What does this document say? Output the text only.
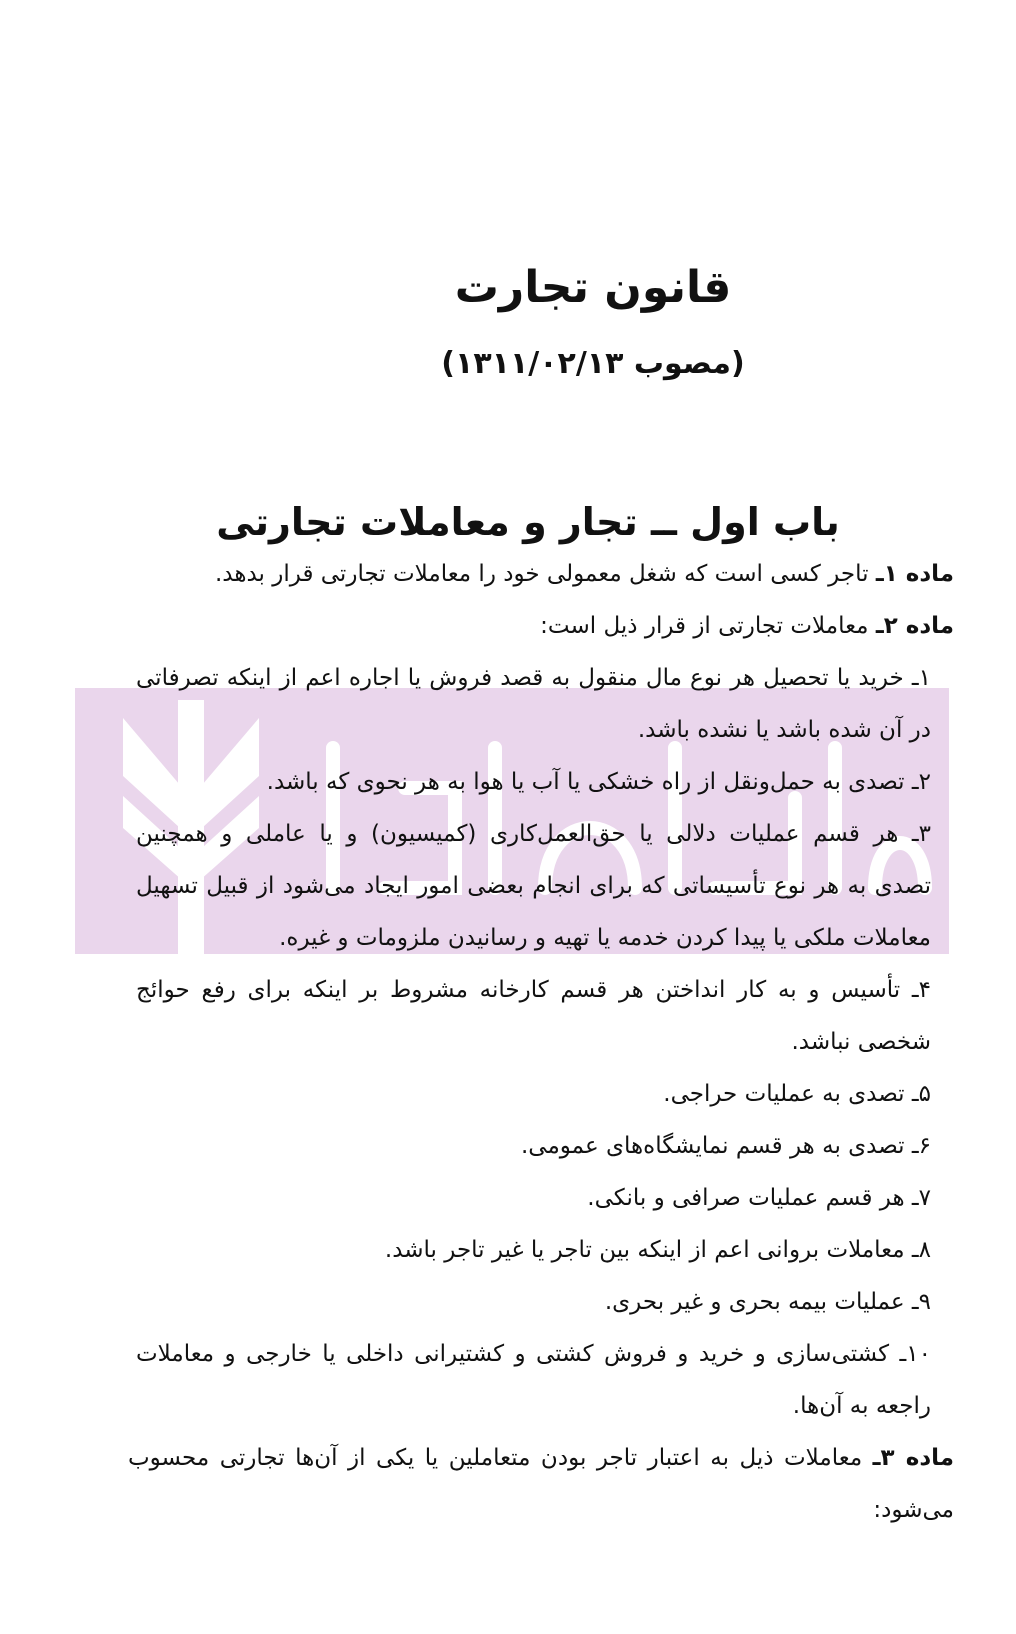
قانون تجارت
(مصوب ۱۳۱۱/۰۲/۱۳)
باب اول ــ تجار و معاملات تجارتی
ماده ۱ـ تاجر کسی است که شغل معمولی خود را معاملات تجارتی قرار بدهد.
ماده ۲ـ معاملات تجارتی از قرار ذیل است:
۱ـ خرید یا تحصیل هر نوع مال منقول به قصد فروش یا اجاره اعم از اینکه تصرفاتی
در آن شده باشد یا نشده باشد.
۲ـ تصدی به حمل‌ونقل از راه خشکی یا آب یا هوا به هر نحوی که باشد.
۳ـ هر قسم عملیات دلالی یا حق‌العمل‌کاری (کمیسیون) و یا عاملی و همچنین
تصدی به هر نوع تأسیساتی که برای انجام بعضی امور ایجاد می‌شود از قبیل تسهیل
معاملات ملکی یا پیدا کردن خدمه یا تهیه و رسانیدن ملزومات و غیره.
۴ـ تأسیس و به کار انداختن هر قسم کارخانه مشروط بر اینکه برای رفع حوائج
شخصی نباشد.
۵ـ تصدی به عملیات حراجی.
۶ـ تصدی به هر قسم نمایشگاه‌های عمومی.
۷ـ هر قسم عملیات صرافی و بانکی.
۸ـ معاملات بروانی اعم از اینکه بین تاجر یا غیر تاجر باشد.
۹ـ عملیات بیمه بحری و غیر بحری.
۱۰ـ کشتی‌سازی و خرید و فروش کشتی و کشتیرانی داخلی یا خارجی و معاملات
راجعه به آن‌ها.
ماده ۳ـ معاملات ذیل به اعتبار تاجر بودن متعاملین یا یکی از آن‌ها تجارتی محسوب
می‌شود:
